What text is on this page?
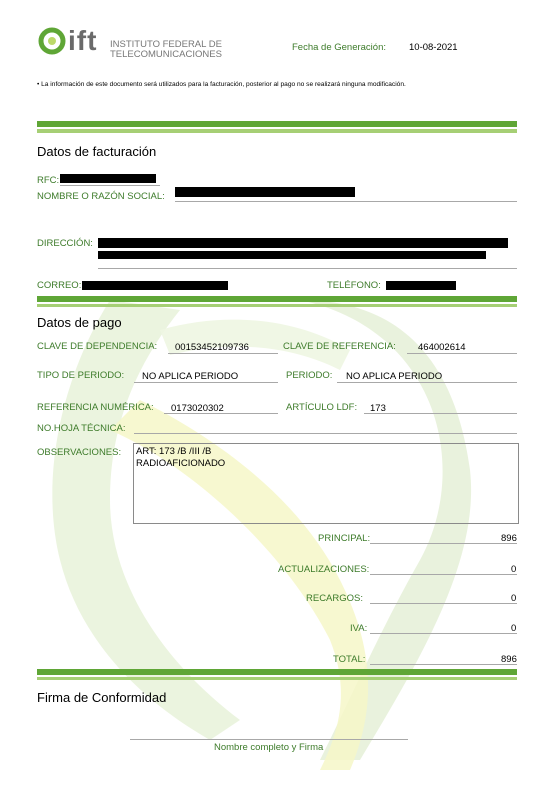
ift INSTITUTO FEDERAL DE
TELECOMUNICACIONES
Fecha de Generación: 10-08-2021
• La información de este documento será utilizados para la facturación, posterior al pago no se realizará ninguna modificación.
Datos de facturación
RFC:
NOMBRE O RAZÓN SOCIAL:
DIRECCIÓN:
CORREO:	TELÉFONO:
Datos de pago
CLAVE DE DEPENDENCIA: 00153452109736	CLAVE DE REFERENCIA: 464002614
TIPO DE PERIODO: NO APLICA PERIODO	PERIODO: NO APLICA PERIODO
REFERENCIA NUMÉRICA: 0173020302	ARTÍCULO LDF: 173
NO.HOJA TÉCNICA:
OBSERVACIONES: ART: 173 /B /III /B
RADIOAFICIONADO
PRINCIPAL:	896
ACTUALIZACIONES:	0
RECARGOS:	0
IVA:	0
TOTAL:	896
Firma de Conformidad
Nombre completo y Firma
